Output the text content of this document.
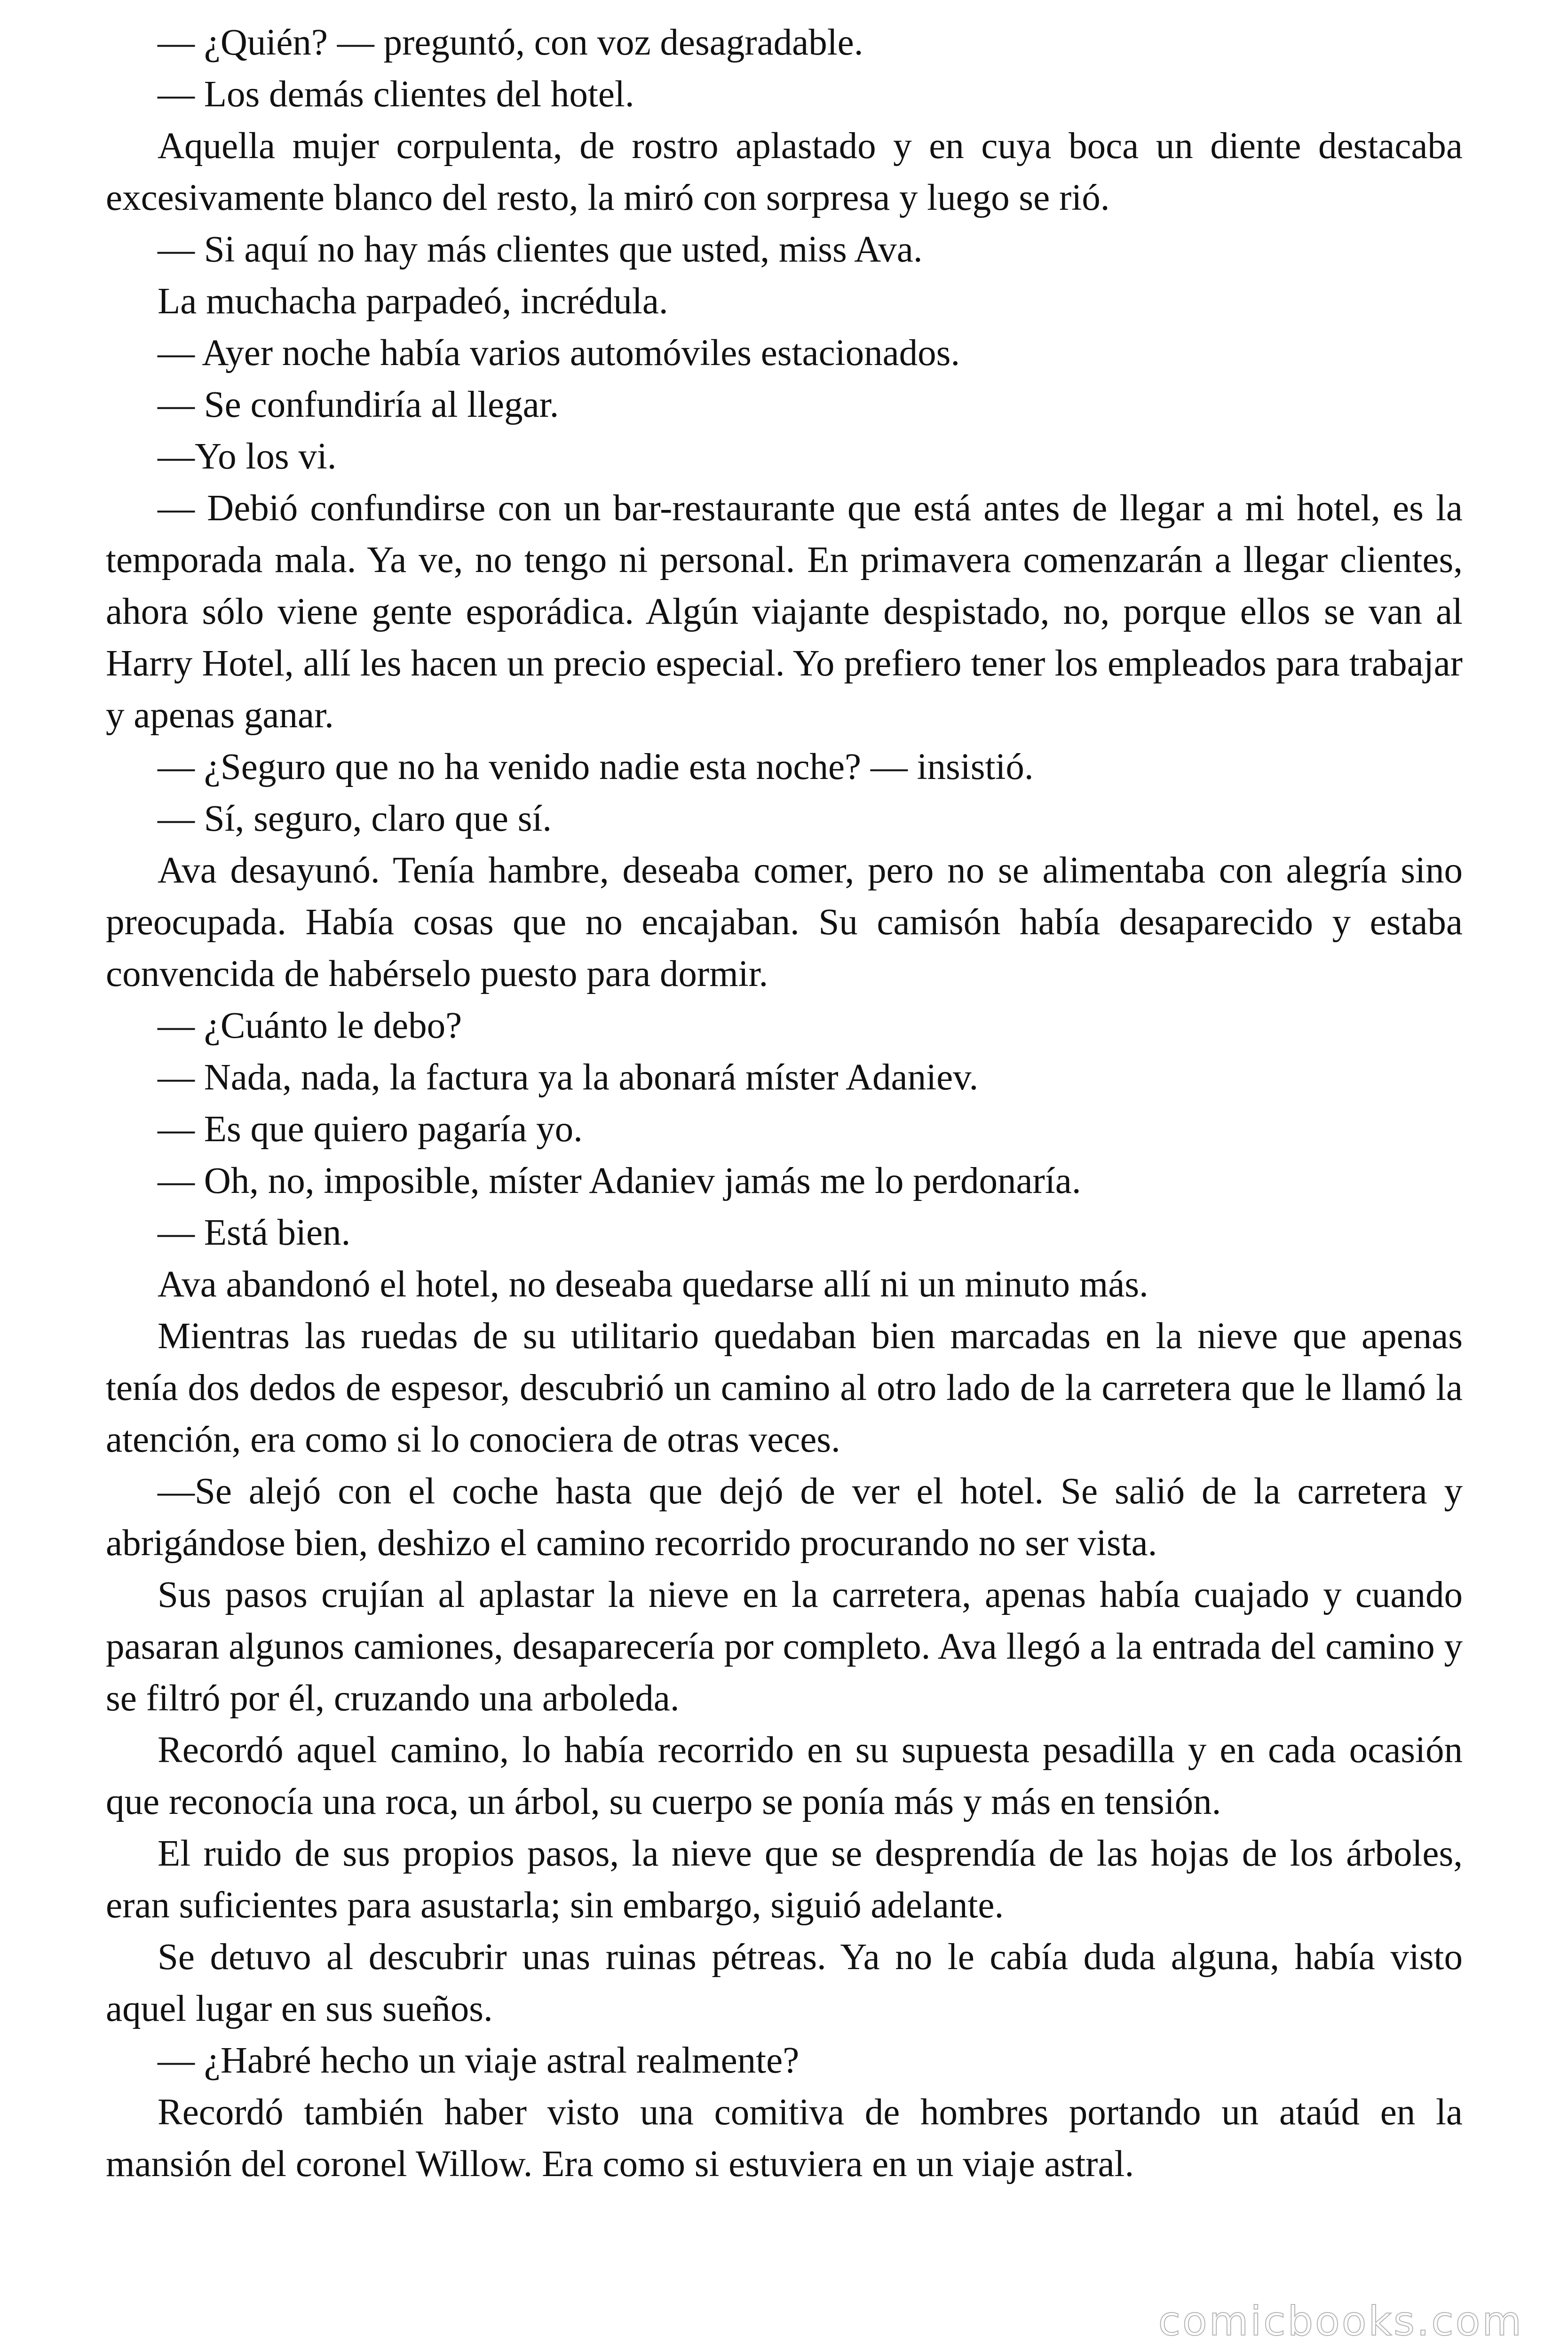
— ¿Quién? — preguntó, con voz desagradable.

— Los demás clientes del hotel.

Aquella mujer corpulenta, de rostro aplastado y en cuya boca un diente destacaba excesivamente blanco del resto, la miró con sorpresa y luego se rió.

— Si aquí no hay más clientes que usted, miss Ava.

La muchacha parpadeó, incrédula.

— Ayer noche había varios automóviles estacionados.

— Se confundiría al llegar.

—Yo los vi.

— Debió confundirse con un bar-restaurante que está antes de llegar a mi hotel, es la temporada mala. Ya ve, no tengo ni personal. En primavera comenzarán a llegar clientes, ahora sólo viene gente esporádica. Algún viajante despistado, no, porque ellos se van al Harry Hotel, allí les hacen un precio especial. Yo prefiero tener los empleados para trabajar y apenas ganar.

— ¿Seguro que no ha venido nadie esta noche? — insistió.

— Sí, seguro, claro que sí.

Ava desayunó. Tenía hambre, deseaba comer, pero no se alimentaba con alegría sino preocupada. Había cosas que no encajaban. Su camisón había desaparecido y estaba convencida de habérselo puesto para dormir.

— ¿Cuánto le debo?

— Nada, nada, la factura ya la abonará míster Adaniev.

— Es que quiero pagaría yo.

— Oh, no, imposible, míster Adaniev jamás me lo perdonaría.

— Está bien.

Ava abandonó el hotel, no deseaba quedarse allí ni un minuto más.

Mientras las ruedas de su utilitario quedaban bien marcadas en la nieve que apenas tenía dos dedos de espesor, descubrió un camino al otro lado de la carretera que le llamó la atención, era como si lo conociera de otras veces.

—Se alejó con el coche hasta que dejó de ver el hotel. Se salió de la carretera y abrigándose bien, deshizo el camino recorrido procurando no ser vista.

Sus pasos crujían al aplastar la nieve en la carretera, apenas había cuajado y cuando pasaran algunos camiones, desaparecería por completo. Ava llegó a la entrada del camino y se filtró por él, cruzando una arboleda.

Recordó aquel camino, lo había recorrido en su supuesta pesadilla y en cada ocasión que reconocía una roca, un árbol, su cuerpo se ponía más y más en tensión.

El ruido de sus propios pasos, la nieve que se desprendía de las hojas de los árboles, eran suficientes para asustarla; sin embargo, siguió adelante.

Se detuvo al descubrir unas ruinas pétreas. Ya no le cabía duda alguna, había visto aquel lugar en sus sueños.

— ¿Habré hecho un viaje astral realmente?

Recordó también haber visto una comitiva de hombres portando un ataúd en la mansión del coronel Willow. Era como si estuviera en un viaje astral.

comicbooks.com
